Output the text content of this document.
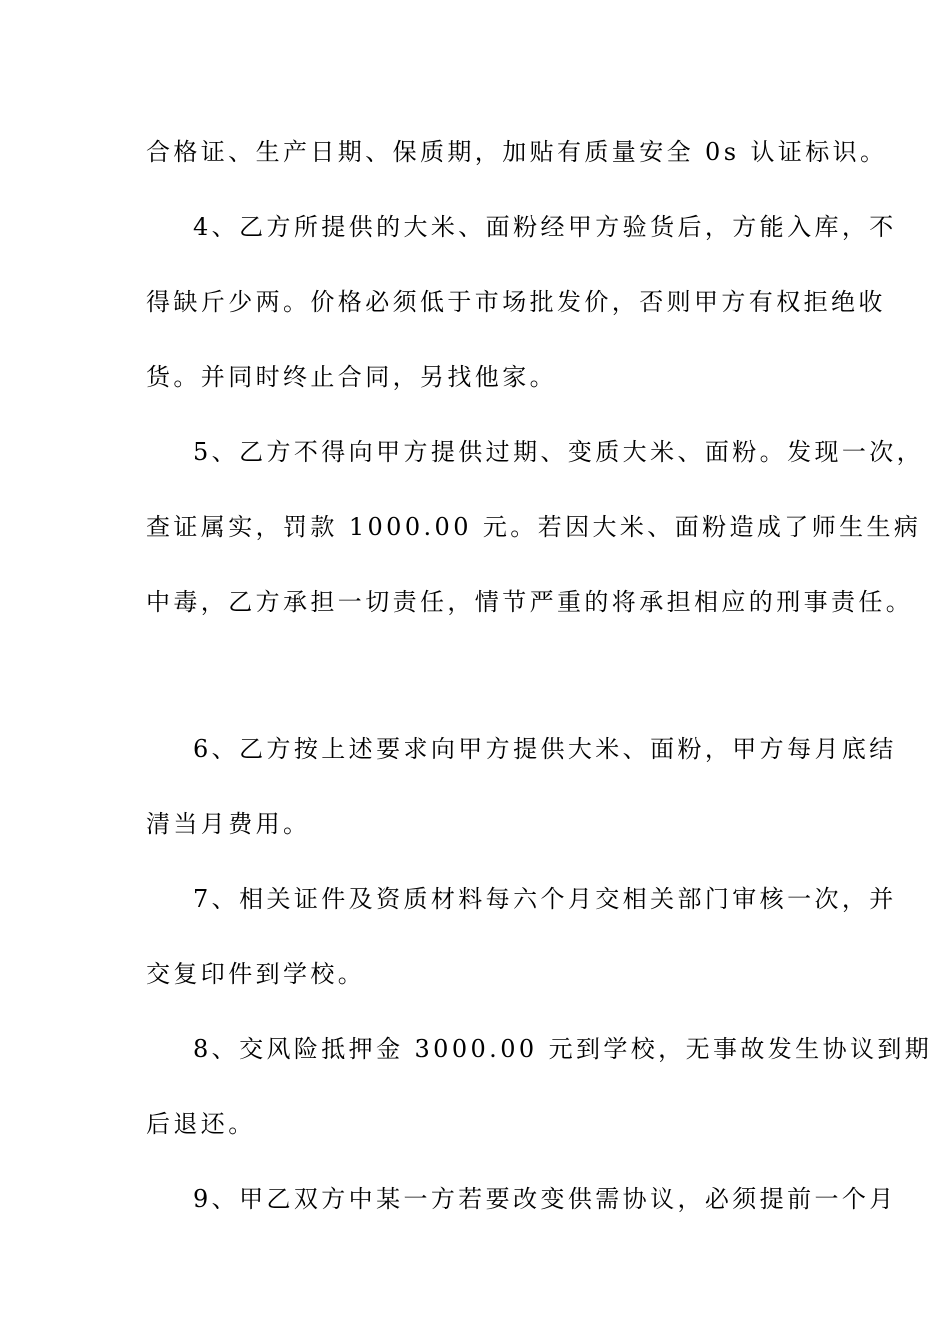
合格证、生产日期、保质期，加贴有质量安全 0s 认证标识。
4、乙方所提供的大米、面粉经甲方验货后，方能入库，不
得缺斤少两。价格必须低于市场批发价，否则甲方有权拒绝收
货。并同时终止合同，另找他家。
5、乙方不得向甲方提供过期、变质大米、面粉。发现一次，
查证属实，罚款 1000.00 元。若因大米、面粉造成了师生生病
中毒，乙方承担一切责任，情节严重的将承担相应的刑事责任。
6、乙方按上述要求向甲方提供大米、面粉，甲方每月底结
清当月费用。
7、相关证件及资质材料每六个月交相关部门审核一次，并
交复印件到学校。
8、交风险抵押金 3000.00 元到学校，无事故发生协议到期
后退还。
9、甲乙双方中某一方若要改变供需协议，必须提前一个月
